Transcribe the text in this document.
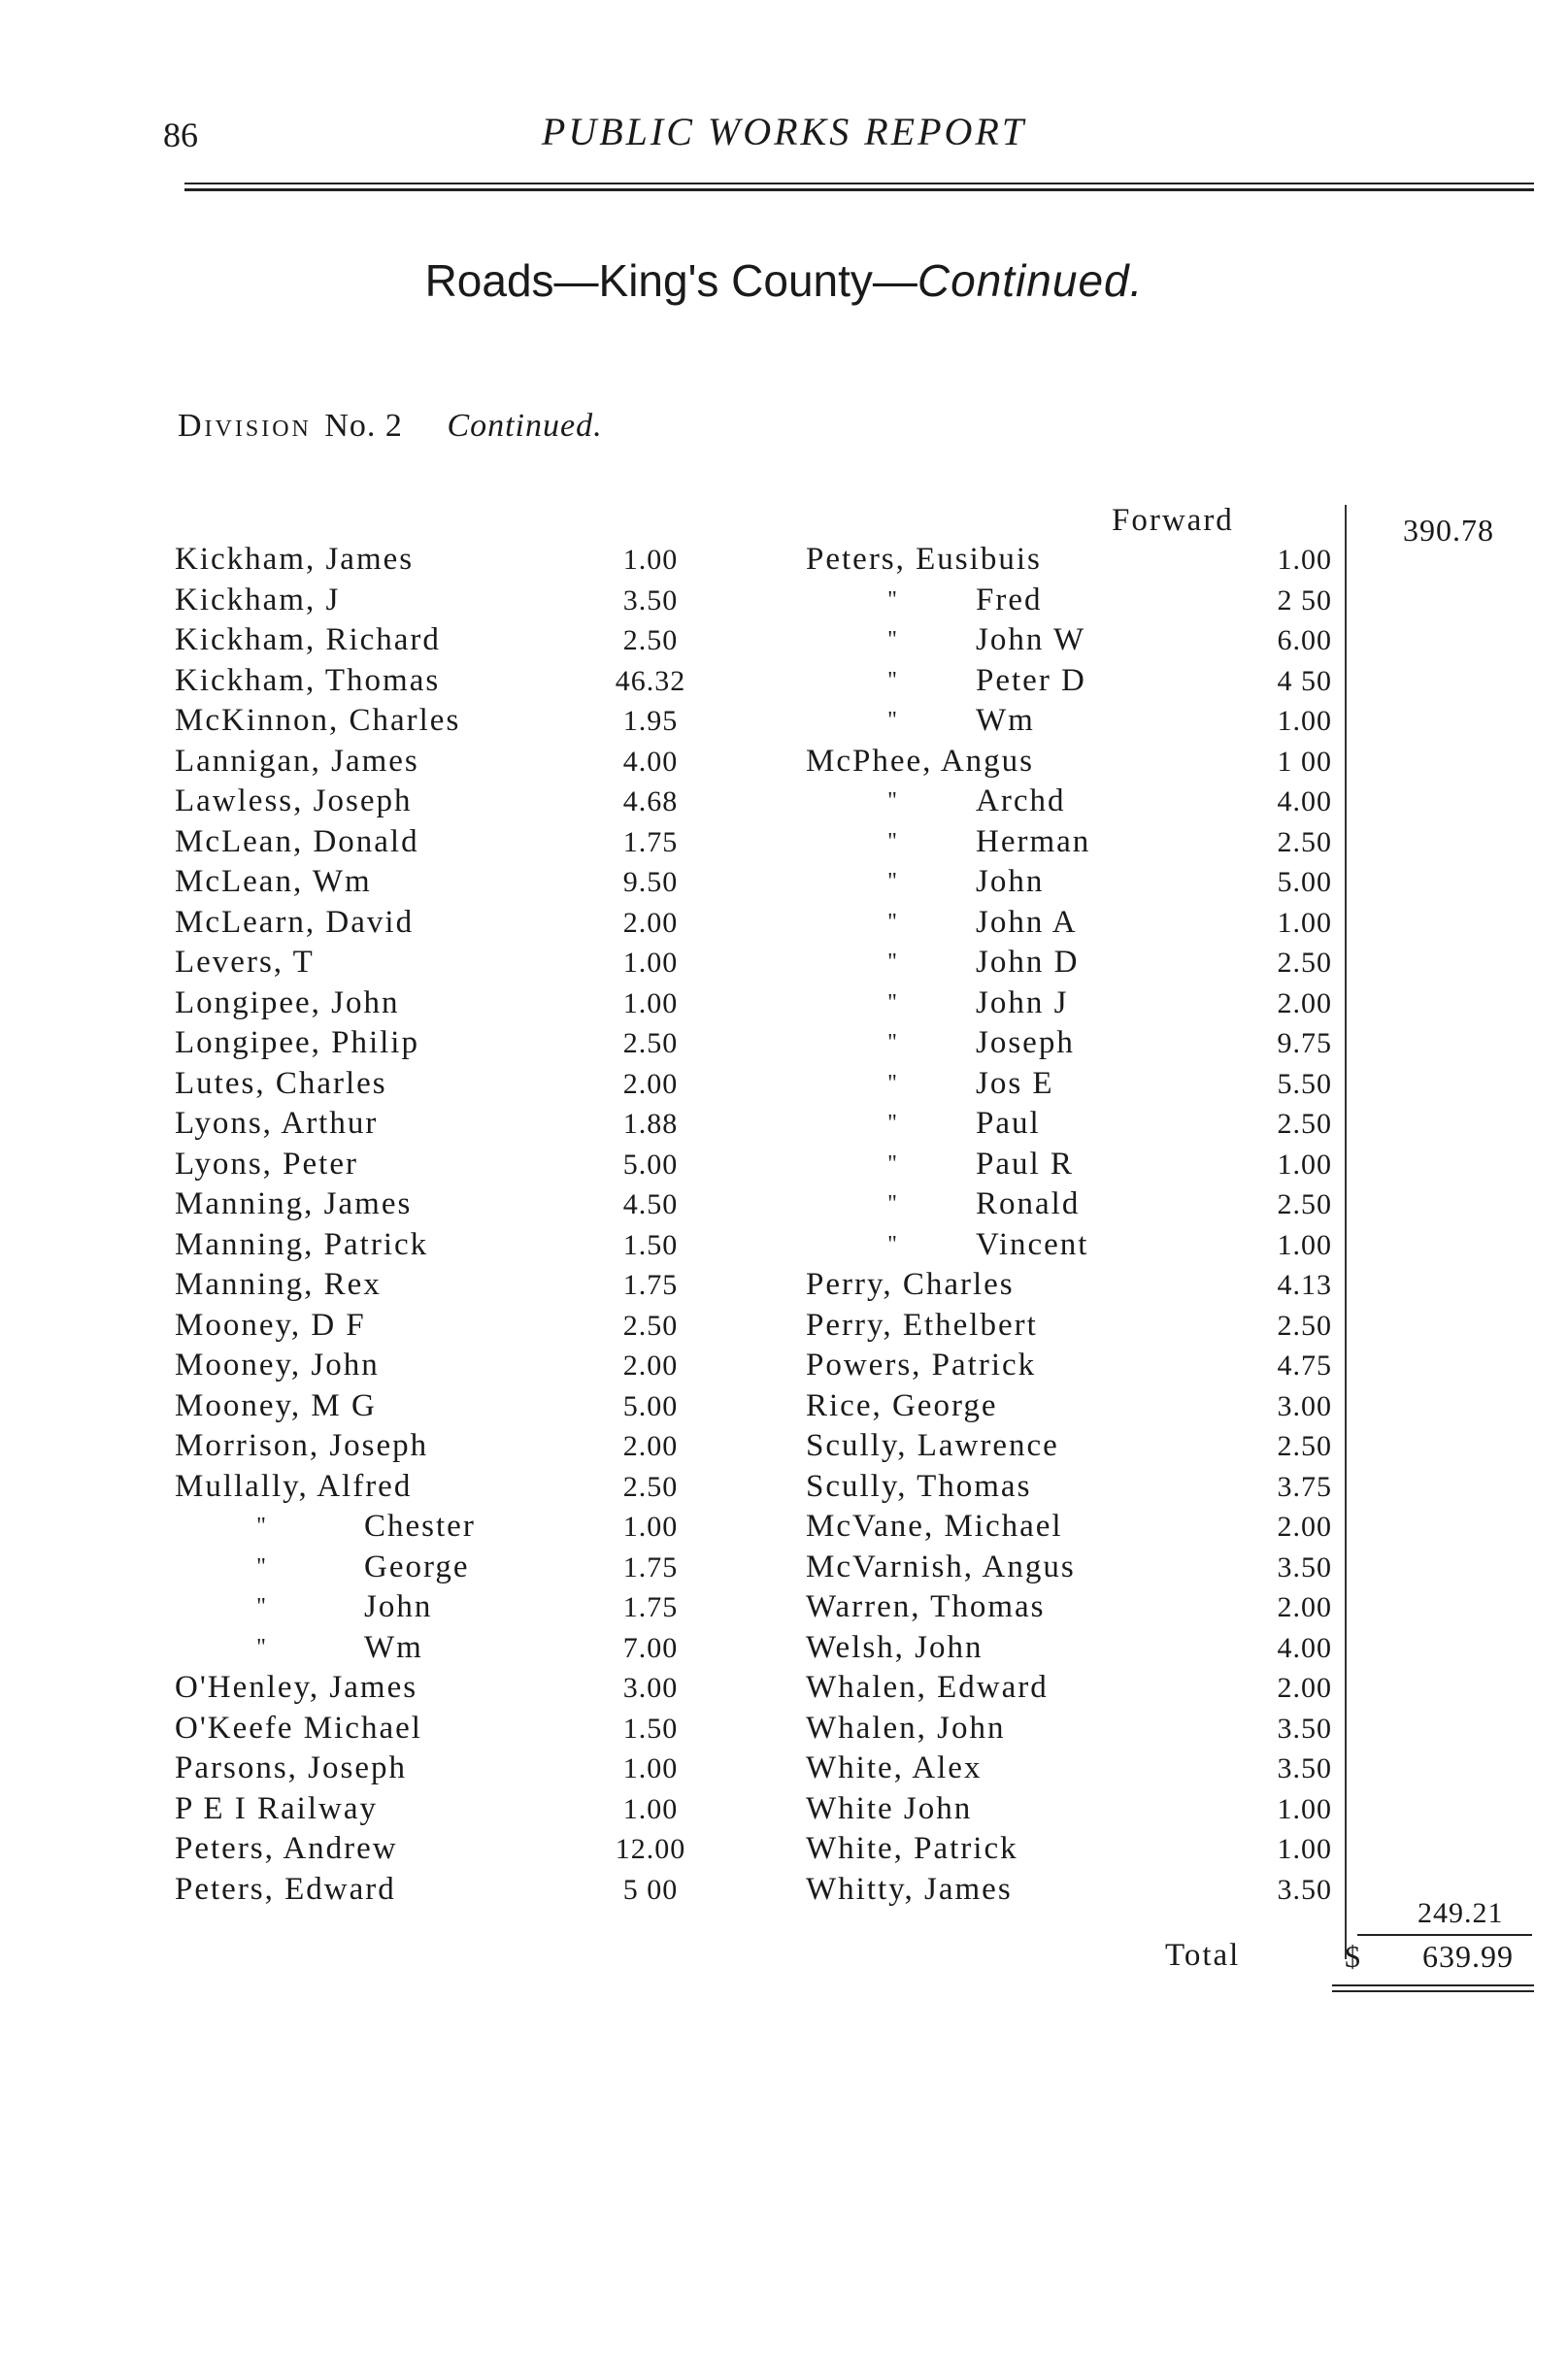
86	PUBLIC WORKS REPORT
Roads—King's County—Continued.
Division No. 2 Continued.
Forward	390.78
Kickham, James	1.00
Kickham, J	3.50
Kickham, Richard	2.50
Kickham, Thomas	46.32
McKinnon, Charles	1.95
Lannigan, James	4.00
Lawless, Joseph	4.68
McLean, Donald	1.75
McLean, Wm	9.50
McLearn, David	2.00
Levers, T	1.00
Longipee, John	1.00
Longipee, Philip	2.50
Lutes, Charles	2.00
Lyons, Arthur	1.88
Lyons, Peter	5.00
Manning, James	4.50
Manning, Patrick	1.50
Manning, Rex	1.75
Mooney, D F	2.50
Mooney, John	2.00
Mooney, M G	5.00
Morrison, Joseph	2.00
Mullally, Alfred	2.50
"	Chester	1.00
"	George	1.75
"	John	1.75
"	Wm	7.00
O'Henley, James	3.00
O'Keefe Michael	1.50
Parsons, Joseph	1.00
P E I Railway	1.00
Peters, Andrew	12.00
Peters, Edward	5 00
Peters, Eusibuis	1.00
"	Fred	2 50
"	John W	6.00
"	Peter D	4 50
"	Wm	1.00
McPhee, Angus	1 00
"	Archd	4.00
"	Herman	2.50
"	John	5.00
"	John A	1.00
"	John D	2.50
"	John J	2.00
"	Joseph	9.75
"	Jos E	5.50
"	Paul	2.50
"	Paul R	1.00
"	Ronald	2.50
"	Vincent	1.00
Perry, Charles	4.13
Perry, Ethelbert	2.50
Powers, Patrick	4.75
Rice, George	3.00
Scully, Lawrence	2.50
Scully, Thomas	3.75
McVane, Michael	2.00
McVarnish, Angus	3.50
Warren, Thomas	2.00
Welsh, John	4.00
Whalen, Edward	2.00
Whalen, John	3.50
White, Alex	3.50
White John	1.00
White, Patrick	1.00
Whitty, James	3.50
249.21
Total	$ 639.99
